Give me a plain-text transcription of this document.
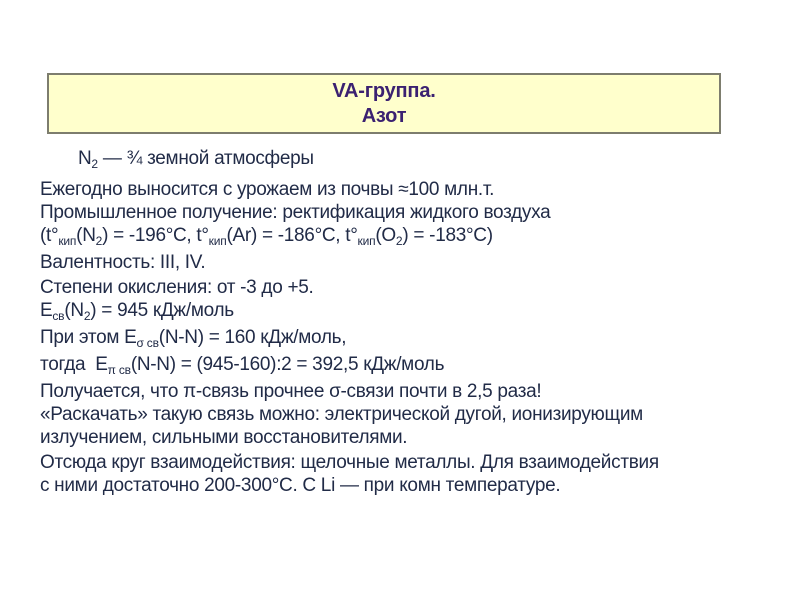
VA-группа.
Азот
$N_2$ — ¾ земной атмосферы
Ежегодно выносится с урожаем из почвы ≈100 млн.т.
Промышленное получение: ректификация жидкого воздуха
($t^\circ_{кип}(N_2) = -196^\circ С$, $t^\circ_{кип}(Ar) = -186^\circ С$, $t^\circ_{кип}(O_2) = -183^\circ С$)
Валентность: III, IV.
Степени окисления: от -3 до +5.
$Е_{св}(N_2) = 945$ кДж/моль
При этом $Е_{\sigma св}(N-N) = 160$ кДж/моль,
тогда  $Е_{\pi св}(N-N)$ = (945-160):2 = 392,5 кДж/моль
Получается, что π-связь прочнее σ-связи почти в 2,5 раза!
«Раскачать» такую связь можно: электрической дугой, ионизирующим
излучением, сильными восстановителями.
Отсюда круг взаимодействия: щелочные металлы. Для взаимодействия
с ними достаточно 200-300°C. С Li — при комн температуре.
